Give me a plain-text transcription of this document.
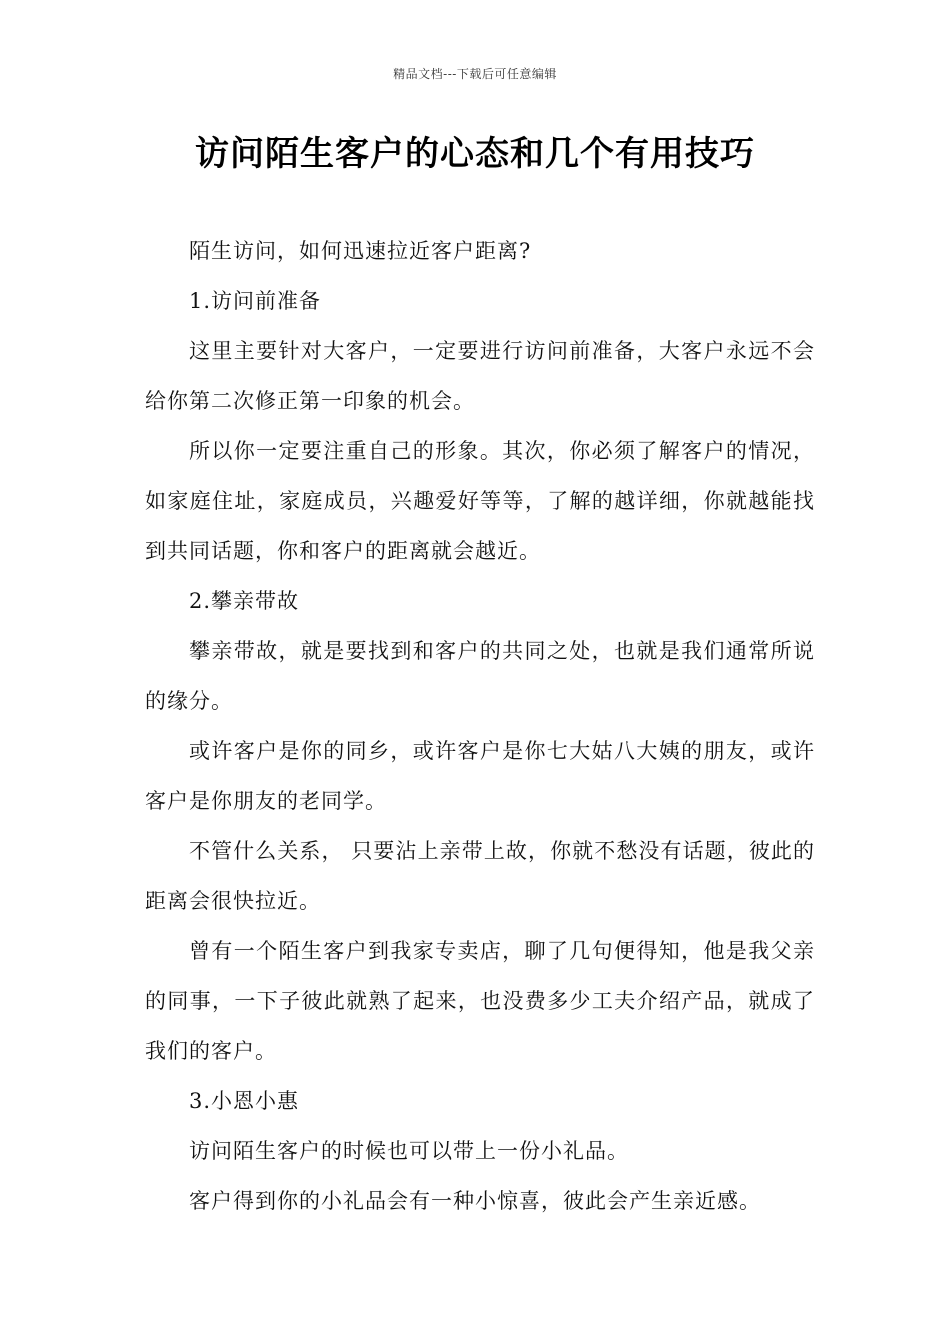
精品文档---下载后可任意编辑
访问陌生客户的心态和几个有用技巧

陌生访问，如何迅速拉近客户距离?

1.访问前准备

这里主要针对大客户，一定要进行访问前准备，大客户永远不会给你第二次修正第一印象的机会。

所以你一定要注重自己的形象。其次，你必须了解客户的情况，如家庭住址，家庭成员，兴趣爱好等等，了解的越详细，你就越能找到共同话题，你和客户的距离就会越近。

2.攀亲带故

攀亲带故，就是要找到和客户的共同之处，也就是我们通常所说的缘分。

或许客户是你的同乡，或许客户是你七大姑八大姨的朋友，或许客户是你朋友的老同学。

不管什么关系， 只要沾上亲带上故，你就不愁没有话题，彼此的距离会很快拉近。

曾有一个陌生客户到我家专卖店，聊了几句便得知，他是我父亲的同事，一下子彼此就熟了起来，也没费多少工夫介绍产品，就成了我们的客户。

3.小恩小惠

访问陌生客户的时候也可以带上一份小礼品。

客户得到你的小礼品会有一种小惊喜，彼此会产生亲近感。
